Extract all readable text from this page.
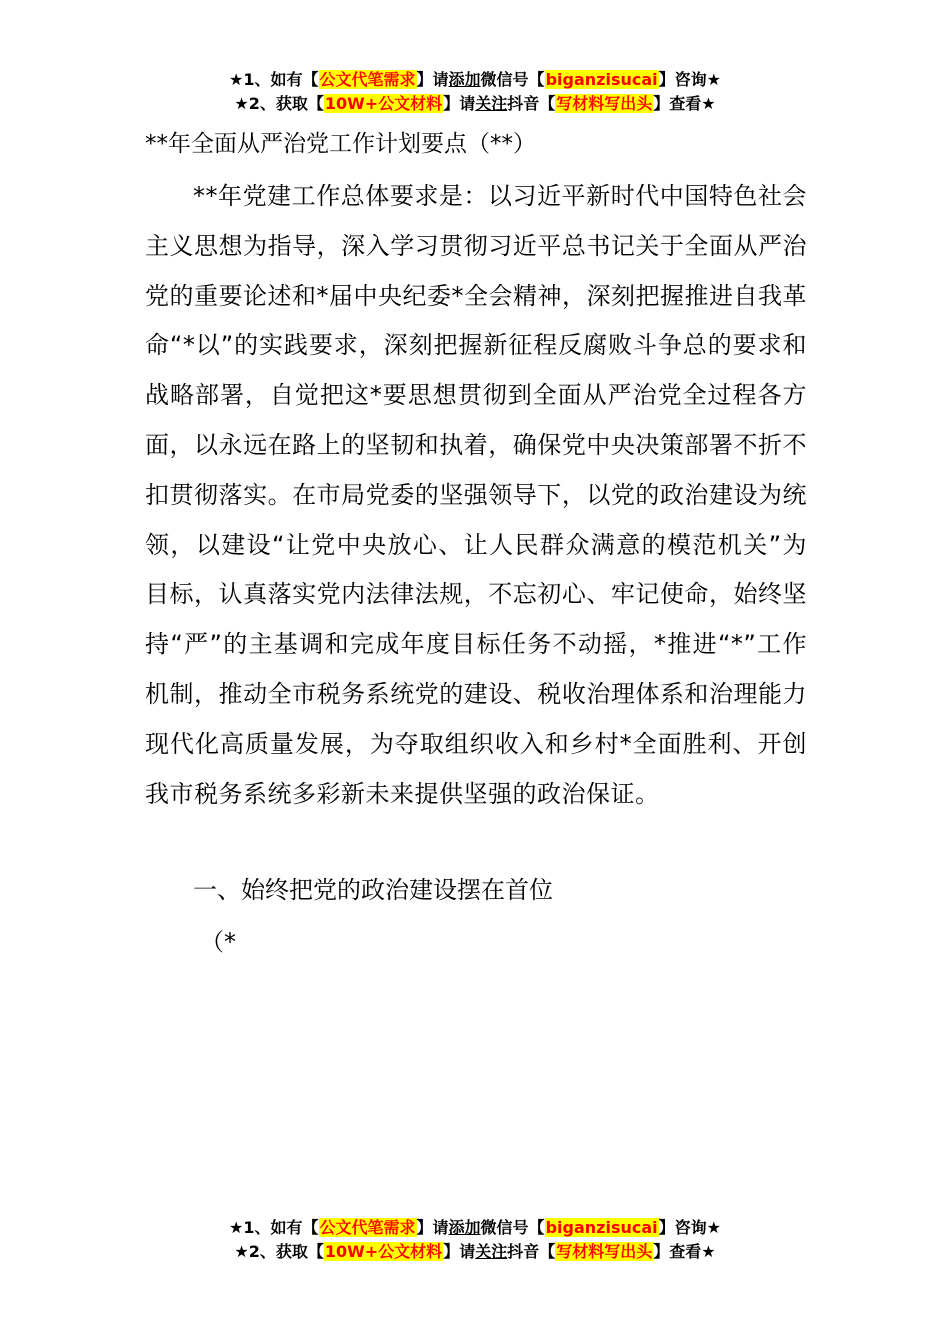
★1、如有【公文代笔需求】请添加微信号【biganzisucai】咨询★
★2、获取【10W+公文材料】请关注抖音【写材料写出头】查看★
**年全面从严治党工作计划要点（**）
**年党建工作总体要求是：以习近平新时代中国特色社会主义思想为指导，深入学习贯彻习近平总书记关于全面从严治党的重要论述和*届中央纪委*全会精神，深刻把握推进自我革命“*以”的实践要求，深刻把握新征程反腐败斗争总的要求和战略部署，自觉把这*要思想贯彻到全面从严治党全过程各方面，以永远在路上的坚韧和执着，确保党中央决策部署不折不扣贯彻落实。在市局党委的坚强领导下，以党的政治建设为统领，以建设“让党中央放心、让人民群众满意的模范机关”为目标，认真落实党内法律法规，不忘初心、牢记使命，始终坚持“严”的主基调和完成年度目标任务不动摇，*推进“*”工作机制，推动全市税务系统党的建设、税收治理体系和治理能力现代化高质量发展，为夺取组织收入和乡村*全面胜利、开创我市税务系统多彩新未来提供坚强的政治保证。
一、始终把党的政治建设摆在首位
（*
★1、如有【公文代笔需求】请添加微信号【biganzisucai】咨询★
★2、获取【10W+公文材料】请关注抖音【写材料写出头】查看★
